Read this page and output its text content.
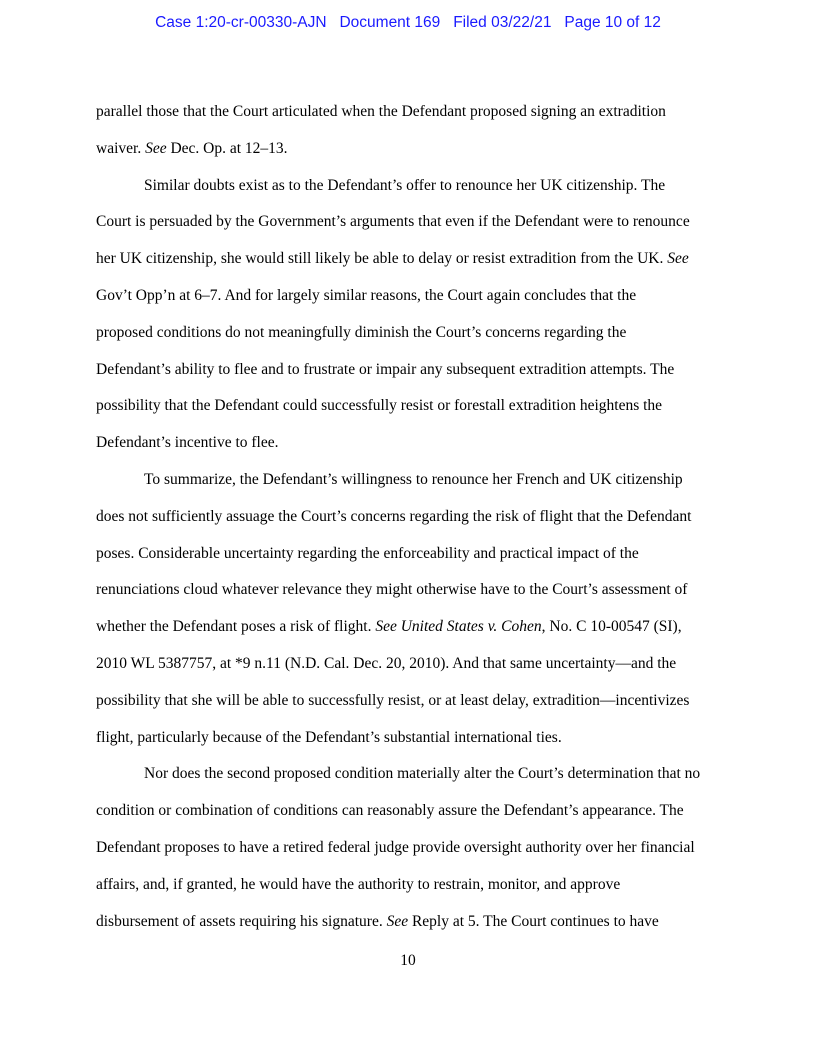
Case 1:20-cr-00330-AJN Document 169 Filed 03/22/21 Page 10 of 12
parallel those that the Court articulated when the Defendant proposed signing an extradition
waiver. See Dec. Op. at 12–13.
Similar doubts exist as to the Defendant’s offer to renounce her UK citizenship. The
Court is persuaded by the Government’s arguments that even if the Defendant were to renounce
her UK citizenship, she would still likely be able to delay or resist extradition from the UK. See
Gov’t Opp’n at 6–7. And for largely similar reasons, the Court again concludes that the
proposed conditions do not meaningfully diminish the Court’s concerns regarding the
Defendant’s ability to flee and to frustrate or impair any subsequent extradition attempts. The
possibility that the Defendant could successfully resist or forestall extradition heightens the
Defendant’s incentive to flee.
To summarize, the Defendant’s willingness to renounce her French and UK citizenship
does not sufficiently assuage the Court’s concerns regarding the risk of flight that the Defendant
poses. Considerable uncertainty regarding the enforceability and practical impact of the
renunciations cloud whatever relevance they might otherwise have to the Court’s assessment of
whether the Defendant poses a risk of flight. See United States v. Cohen, No. C 10-00547 (SI),
2010 WL 5387757, at *9 n.11 (N.D. Cal. Dec. 20, 2010). And that same uncertainty—and the
possibility that she will be able to successfully resist, or at least delay, extradition—incentivizes
flight, particularly because of the Defendant’s substantial international ties.
Nor does the second proposed condition materially alter the Court’s determination that no
condition or combination of conditions can reasonably assure the Defendant’s appearance. The
Defendant proposes to have a retired federal judge provide oversight authority over her financial
affairs, and, if granted, he would have the authority to restrain, monitor, and approve
disbursement of assets requiring his signature. See Reply at 5. The Court continues to have
10
